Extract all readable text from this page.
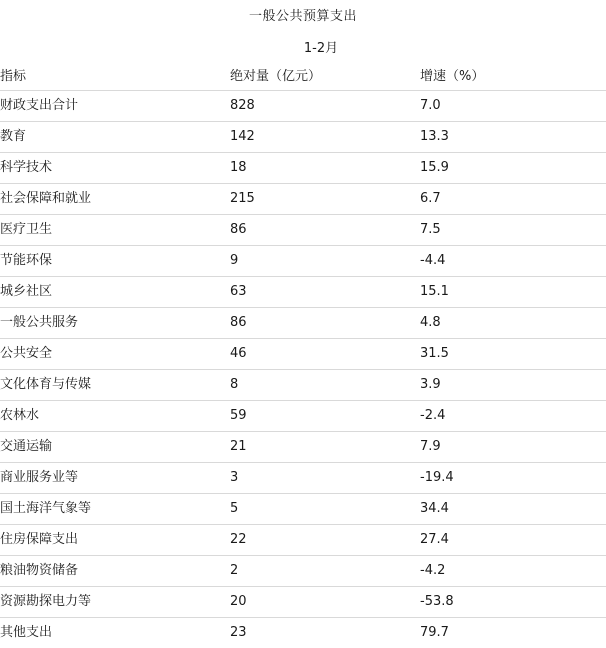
一般公共预算支出
1-2月
指标	绝对量（亿元）	增速（%）
财政支出合计	828	7.0
教育	142	13.3
科学技术	18	15.9
社会保障和就业	215	6.7
医疗卫生	86	7.5
节能环保	9	-4.4
城乡社区	63	15.1
一般公共服务	86	4.8
公共安全	46	31.5
文化体育与传媒	8	3.9
农林水	59	-2.4
交通运输	21	7.9
商业服务业等	3	-19.4
国土海洋气象等	5	34.4
住房保障支出	22	27.4
粮油物资储备	2	-4.2
资源勘探电力等	20	-53.8
其他支出	23	79.7
